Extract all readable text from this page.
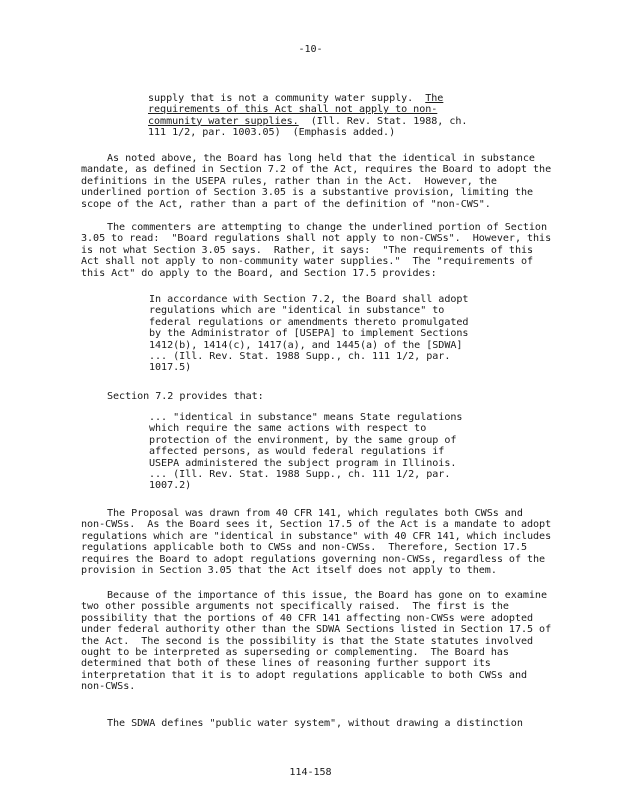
-10-
supply that is not a community water supply. The
requirements of this Act shall not apply to non-
community water supplies.  (Ill. Rev. Stat. 1988, ch.
111 1/2, par. 1003.05)  (Emphasis added.)
As noted above, the Board has long held that the identical in substance
mandate, as defined in Section 7.2 of the Act, requires the Board to adopt the
definitions in the USEPA rules, rather than in the Act.  However, the
underlined portion of Section 3.05 is a substantive provision, limiting the
scope of the Act, rather than a part of the definition of "non-CWS".
The commenters are attempting to change the underlined portion of Section
3.05 to read:  "Board regulations shall not apply to non-CWSs".  However, this
is not what Section 3.05 says.  Rather, it says:  "The requirements of this
Act shall not apply to non-community water supplies."  The "requirements of
this Act" do apply to the Board, and Section 17.5 provides:
In accordance with Section 7.2, the Board shall adopt
regulations which are "identical in substance" to
federal regulations or amendments thereto promulgated
by the Administrator of [USEPA] to implement Sections
1412(b), 1414(c), 1417(a), and 1445(a) of the [SDWA]
... (Ill. Rev. Stat. 1988 Supp., ch. 111 1/2, par.
1017.5)
Section 7.2 provides that:
... "identical in substance" means State regulations
which require the same actions with respect to
protection of the environment, by the same group of
affected persons, as would federal regulations if
USEPA administered the subject program in Illinois.
... (Ill. Rev. Stat. 1988 Supp., ch. 111 1/2, par.
1007.2)
The Proposal was drawn from 40 CFR 141, which regulates both CWSs and
non-CWSs.  As the Board sees it, Section 17.5 of the Act is a mandate to adopt
regulations which are "identical in substance" with 40 CFR 141, which includes
regulations applicable both to CWSs and non-CWSs.  Therefore, Section 17.5
requires the Board to adopt regulations governing non-CWSs, regardless of the
provision in Section 3.05 that the Act itself does not apply to them.
Because of the importance of this issue, the Board has gone on to examine
two other possible arguments not specifically raised.  The first is the
possibility that the portions of 40 CFR 141 affecting non-CWSs were adopted
under federal authority other than the SDWA Sections listed in Section 17.5 of
the Act.  The second is the possibility is that the State statutes involved
ought to be interpreted as superseding or complementing.  The Board has
determined that both of these lines of reasoning further support its
interpretation that it is to adopt regulations applicable to both CWSs and
non-CWSs.
The SDWA defines "public water system", without drawing a distinction
114-158
